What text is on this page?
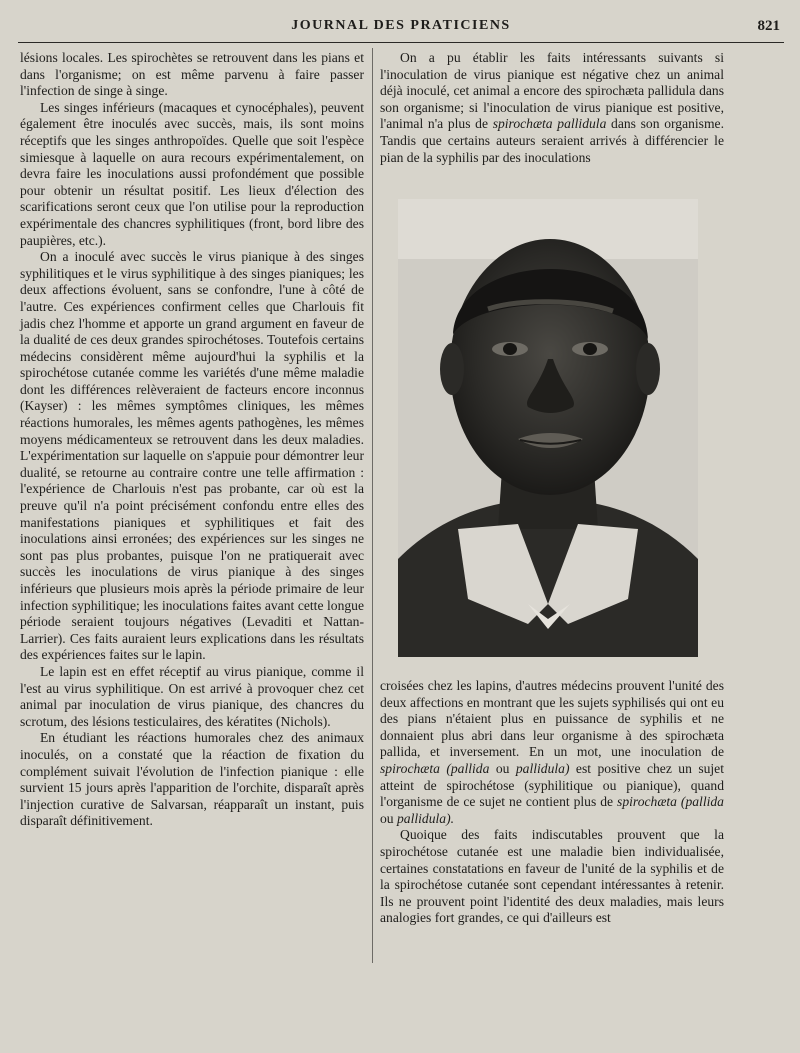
JOURNAL DES PRATICIENS	821

lésions locales. Les spirochètes se retrouvent dans les pians et dans l'organisme; on est même parvenu à faire passer l'infection de singe à singe.

Les singes inférieurs (macaques et cynocéphales), peuvent également être inoculés avec succès, mais, ils sont moins réceptifs que les singes anthropoïdes. Quelle que soit l'espèce simiesque à laquelle on aura recours expérimentalement, on devra faire les inoculations aussi profondément que possible pour obtenir un résultat positif. Les lieux d'élection des scarifications seront ceux que l'on utilise pour la reproduction expérimentale des chancres syphilitiques (front, bord libre des paupières, etc.).

On a inoculé avec succès le virus pianique à des singes syphilitiques et le virus syphilitique à des singes pianiques; les deux affections évoluent, sans se confondre, l'une à côté de l'autre. Ces expériences confirment celles que Charlouis fit jadis chez l'homme et apporte un grand argument en faveur de la dualité de ces deux grandes spirochétoses. Toutefois certains médecins considèrent même aujourd'hui la syphilis et la spirochétose cutanée comme les variétés d'une même maladie dont les différences relèveraient de facteurs encore inconnus (Kayser) : les mêmes symptômes cliniques, les mêmes réactions humorales, les mêmes agents pathogènes, les mêmes moyens médicamenteux se retrouvent dans les deux maladies. L'expérimentation sur laquelle on s'appuie pour démontrer leur dualité, se retourne au contraire contre une telle affirmation : l'expérience de Charlouis n'est pas probante, car où est la preuve qu'il n'a point précisément confondu entre elles des manifestations pianiques et syphilitiques et fait des inoculations ainsi erronées; des expériences sur les singes ne sont pas plus probantes, puisque l'on ne pratiquerait avec succès les inoculations de virus pianique à des singes inférieurs que plusieurs mois après la période primaire de leur infection syphilitique; les inoculations faites avant cette longue période seraient toujours négatives (Levaditi et Nattan-Larrier). Ces faits auraient leurs explications dans les résultats des expériences faites sur le lapin.

Le lapin est en effet réceptif au virus pianique, comme il l'est au virus syphilitique. On est arrivé à provoquer chez cet animal par inoculation de virus pianique, des chancres du scrotum, des lésions testiculaires, des kératites (Nichols).

En étudiant les réactions humorales chez des animaux inoculés, on a constaté que la réaction de fixation du complément suivait l'évolution de l'infection pianique : elle survient 15 jours après l'apparition de l'orchite, disparaît après l'injection curative de Salvarsan, réapparaît un instant, puis disparaît définitivement.

On a pu établir les faits intéressants suivants si l'inoculation de virus pianique est négative chez un animal déjà inoculé, cet animal a encore des spirochæta pallidula dans son organisme; si l'inoculation de virus pianique est positive, l'animal n'a plus de spirochæta pallidula dans son organisme. Tandis que certains auteurs seraient arrivés à différencier le pian de la syphilis par des inoculations

croisées chez les lapins, d'autres médecins prouvent l'unité des deux affections en montrant que les sujets syphilisés qui ont eu des pians n'étaient plus en puissance de syphilis et ne donnaient plus abri dans leur organisme à des spirochæta pallida, et inversement. En un mot, une inoculation de spirochæta (pallida ou pallidula) est positive chez un sujet atteint de spirochétose (syphilitique ou pianique), quand l'organisme de ce sujet ne contient plus de spirochæta (pallida ou pallidula).

Quoique des faits indiscutables prouvent que la spirochétose cutanée est une maladie bien individualisée, certaines constatations en faveur de l'unité de la syphilis et de la spirochétose cutanée sont cependant intéressantes à retenir. Ils ne prouvent point l'identité des deux maladies, mais leurs analogies fort grandes, ce qui d'ailleurs est
